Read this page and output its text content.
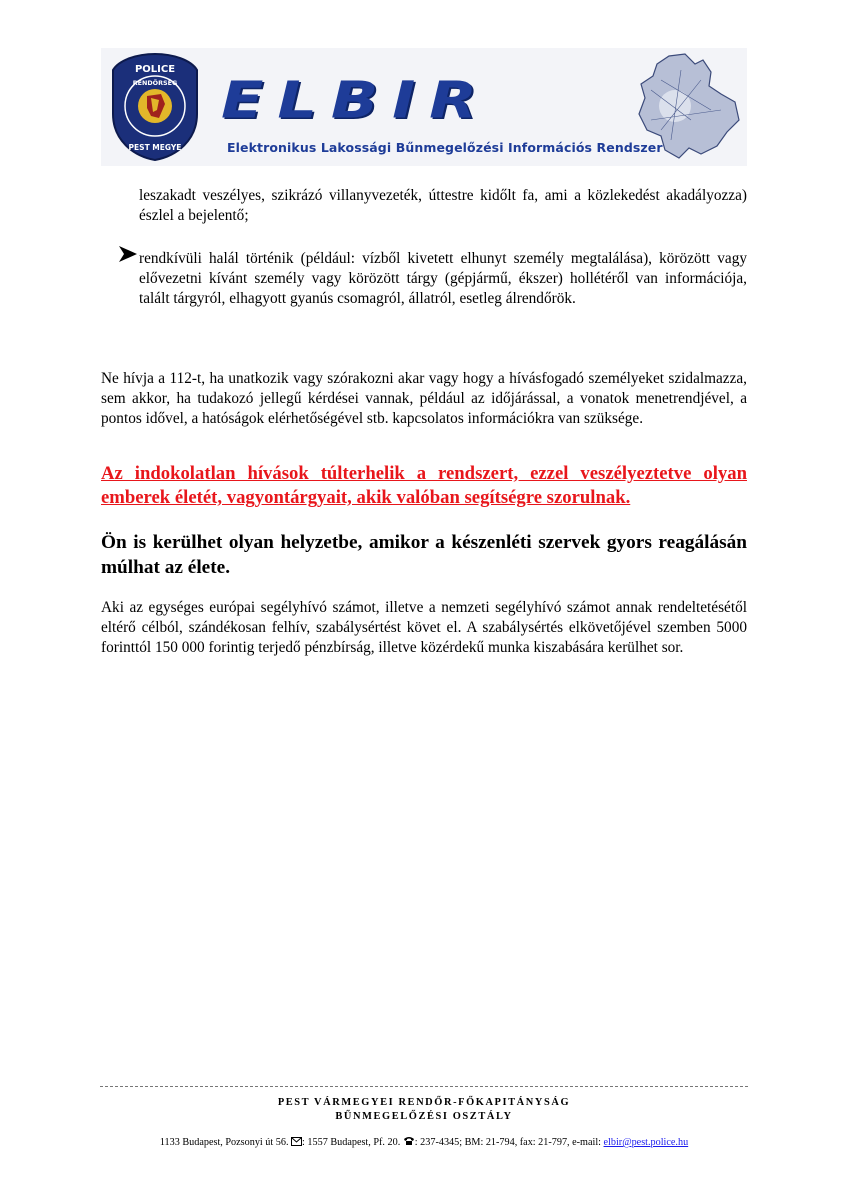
POLICE
RENDŐRSÉG
PEST MEGYE
ELBIR
Elektronikus Lakossági Bűnmegelőzési Információs Rendszer
leszakadt veszélyes, szikrázó villanyvezeték, úttestre kidőlt fa, ami a közlekedést akadályozza) észlel a bejelentő;
rendkívüli halál történik (például: vízből kivetett elhunyt személy megtalálása), körözött vagy elővezetni kívánt személy vagy körözött tárgy (gépjármű, ékszer) hollétéről van információja, talált tárgyról, elhagyott gyanús csomagról, állatról, esetleg álrendőrök.
Ne hívja a 112-t, ha unatkozik vagy szórakozni akar vagy hogy a hívásfogadó személyeket szidalmazza, sem akkor, ha tudakozó jellegű kérdései vannak, például az időjárással, a vonatok menetrendjével, a pontos idővel, a hatóságok elérhetőségével stb. kapcsolatos információkra van szüksége.
Az indokolatlan hívások túlterhelik a rendszert, ezzel veszélyeztetve olyan emberek életét, vagyontárgyait, akik valóban segítségre szorulnak.
Ön is kerülhet olyan helyzetbe, amikor a készenléti szervek gyors reagálásán múlhat az élete.
Aki az egységes európai segélyhívó számot, illetve a nemzeti segélyhívó számot annak rendeltetésétől eltérő célból, szándékosan felhív, szabálysértést követ el. A szabálysértés elkövetőjével szemben 5000 forinttól 150 000 forintig terjedő pénzbírság, illetve közérdekű munka kiszabására kerülhet sor.
PEST VÁRMEGYEI RENDŐR-FŐKAPITÁNYSÁG
BŰNMEGELŐZÉSI OSZTÁLY
1133 Budapest, Pozsonyi út 56. : 1557 Budapest, Pf. 20. : 237-4345; BM: 21-794, fax: 21-797, e-mail: elbir@pest.police.hu
